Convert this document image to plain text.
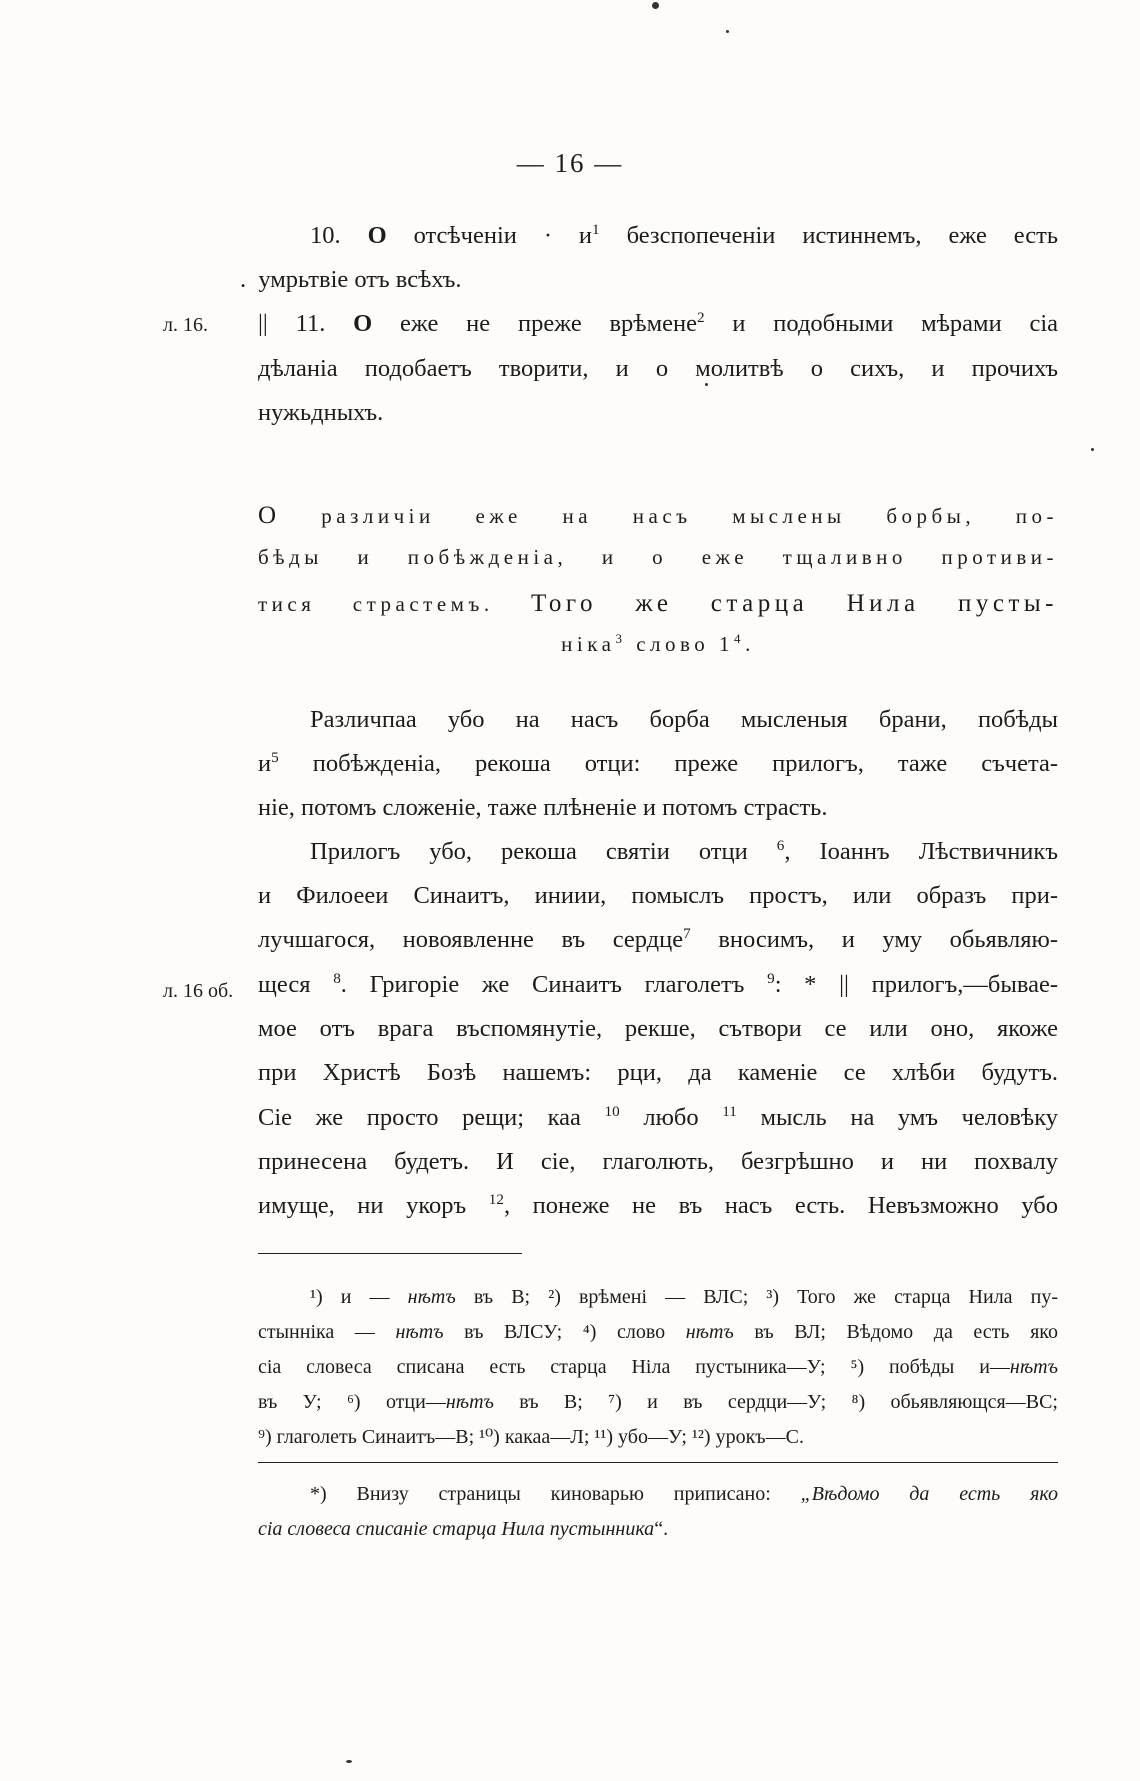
— 16 —
л. 16.
л. 16 об.
10. О отсѣченіи · $и^1$ безспопеченіи истиннемъ, еже есть
. умрьтвіе отъ всѣхъ.
|| 11. О еже не преже врѣмене$^2$ и подобными мѣрами сіа
дѣланіа подобаетъ творити, и о молитвѣ о сихъ, и прочихъ
нужьдныхъ.
О различіи еже на насъ мыслены борбы, по-
бѣды и побѣжденіа, и о еже тщаливно противи-
тися страстемъ. Того же старца Нила пусты-
ніка$^3$ слово $1^4$.
Различпаа убо на насъ борба мысленыя брани, побѣды
$и^5$ побѣжденіа, рекоша отци: преже прилогъ, таже съчета-
ніе, потомъ сложеніе, таже плѣненіе и потомъ страсть.
Прилогъ убо, рекоша святіи отци $^6$, Іоаннъ Лѣствичникъ
и Филоееи Синаитъ, иниии, помыслъ простъ, или образъ при-
лучшагося, новоявленне въ сердце$^7$ вносимъ, и уму обьявляю-
щеся $^8$. Григоріе же Синаитъ глаголетъ $^9$: * || прилогъ,—бывае-
мое отъ врага въспомянутіе, рекше, сътвори се или оно, якоже
при Христѣ Бозѣ нашемъ: рци, да каменіе се хлѣби будутъ.
Сіе же просто рещи; каа $^{10}$ любо $^{11}$ мысль на умъ человѣку
принесена будетъ. И сіе, глаголють, безгрѣшно и ни похвалу
имуще, ни укоръ $^{12}$, понеже не въ насъ есть. Невъзможно убо
¹) и — нѣтъ въ В; ²) врѣмені — ВЛС; ³) Того же старца Нила пу-
стынніка — нѣтъ въ ВЛСУ; ⁴) слово нѣтъ въ ВЛ; Вѣдомо да есть яко
сіа словеса списана есть старца Ніла пустыника—У; ⁵) побѣды и—нѣтъ
въ У; ⁶) отци—нѣтъ въ В; ⁷) и въ сердци—У; ⁸) обьявляющся—ВС;
⁹) глаголеть Синаитъ—В; ¹⁰) какаа—Л; ¹¹) убо—У; ¹²) урокъ—С.
*) Внизу страницы киноварью приписано: „Вѣдомо да есть яко
сіа словеса списаніе старца Нила пустынника“.
